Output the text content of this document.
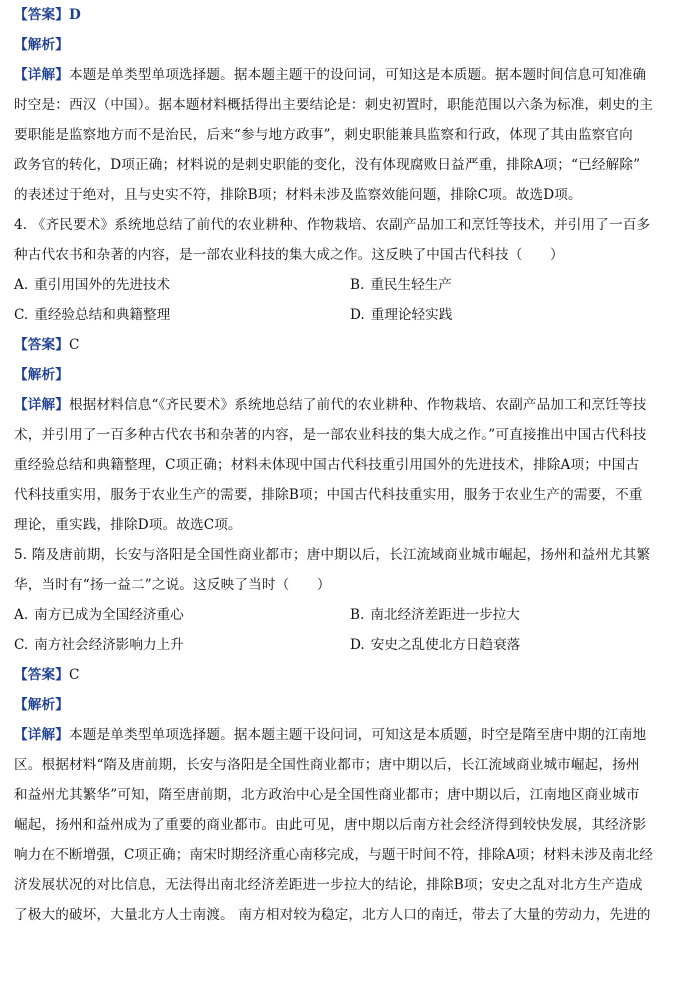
【答案】D
【解析】
【详解】本题是单类型单项选择题。据本题主题干的设问词，可知这是本质题。据本题时间信息可知准确
时空是：西汉（中国）。据本题材料概括得出主要结论是：刺史初置时，职能范围以六条为标准，刺史的主
要职能是监察地方而不是治民，后来“参与地方政事”，刺史职能兼具监察和行政，体现了其由监察官向
政务官的转化，D项正确；材料说的是刺史职能的变化，没有体现腐败日益严重，排除A项；“已经解除”
的表述过于绝对，且与史实不符，排除B项；材料未涉及监察效能问题，排除C项。故选D项。
4. 《齐民要术》系统地总结了前代的农业耕种、作物栽培、农副产品加工和烹饪等技术，并引用了一百多
种古代农书和杂著的内容，是一部农业科技的集大成之作。这反映了中国古代科技（　　）
A. 重引用国外的先进技术	B. 重民生轻生产
C. 重经验总结和典籍整理	D. 重理论轻实践
【答案】C
【解析】
【详解】根据材料信息“《齐民要术》系统地总结了前代的农业耕种、作物栽培、农副产品加工和烹饪等技
术，并引用了一百多种古代农书和杂著的内容，是一部农业科技的集大成之作。”可直接推出中国古代科技
重经验总结和典籍整理，C项正确；材料未体现中国古代科技重引用国外的先进技术，排除A项；中国古
代科技重实用，服务于农业生产的需要，排除B项；中国古代科技重实用，服务于农业生产的需要，不重
理论，重实践，排除D项。故选C项。
5. 隋及唐前期，长安与洛阳是全国性商业都市；唐中期以后，长江流域商业城市崛起，扬州和益州尤其繁
华，当时有“扬一益二”之说。这反映了当时（　　）
A. 南方已成为全国经济重心	B. 南北经济差距进一步拉大
C. 南方社会经济影响力上升	D. 安史之乱使北方日趋衰落
【答案】C
【解析】
【详解】本题是单类型单项选择题。据本题主题干设问词，可知这是本质题，时空是隋至唐中期的江南地
区。根据材料“隋及唐前期，长安与洛阳是全国性商业都市；唐中期以后，长江流域商业城市崛起，扬州
和益州尤其繁华”可知，隋至唐前期，北方政治中心是全国性商业都市；唐中期以后，江南地区商业城市
崛起，扬州和益州成为了重要的商业都市。由此可见，唐中期以后南方社会经济得到较快发展，其经济影
响力在不断增强，C项正确；南宋时期经济重心南移完成，与题干时间不符，排除A项；材料未涉及南北经
济发展状况的对比信息，无法得出南北经济差距进一步拉大的结论，排除B项；安史之乱对北方生产造成
了极大的破坏，大量北方人士南渡。 南方相对较为稳定，北方人口的南迁，带去了大量的劳动力，先进的
